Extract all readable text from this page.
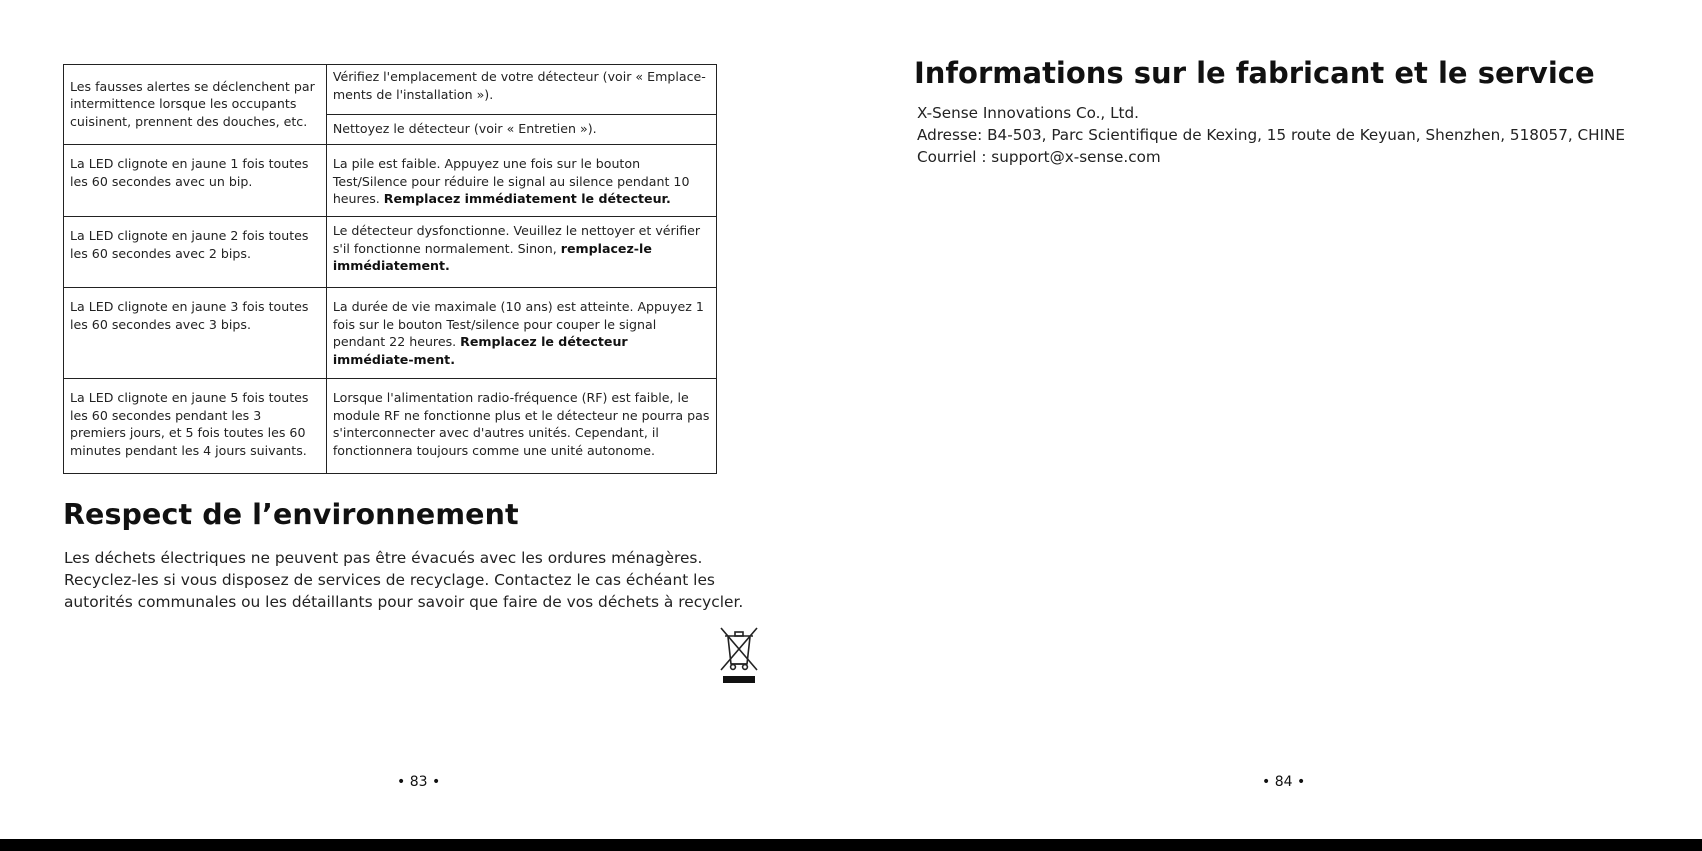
Les fausses alertes se déclenchent par intermittence lorsque les occupants cuisinent, prennent des douches, etc.	Vérifiez l'emplacement de votre détecteur (voir « Emplace-ments de l'installation »).
	Nettoyez le détecteur (voir « Entretien »).
La LED clignote en jaune 1 fois toutes les 60 secondes avec un bip.	La pile est faible. Appuyez une fois sur le bouton Test/Silence pour réduire le signal au silence pendant 10 heures. Remplacez immédiatement le détecteur.
La LED clignote en jaune 2 fois toutes les 60 secondes avec 2 bips.	Le détecteur dysfonctionne. Veuillez le nettoyer et vérifier s'il fonctionne normalement. Sinon, remplacez-le immédiatement.
La LED clignote en jaune 3 fois toutes les 60 secondes avec 3 bips.	La durée de vie maximale (10 ans) est atteinte. Appuyez 1 fois sur le bouton Test/silence pour couper le signal pendant 22 heures. Remplacez le détecteur immédiate-ment.
La LED clignote en jaune 5 fois toutes les 60 secondes pendant les 3 premiers jours, et 5 fois toutes les 60 minutes pendant les 4 jours suivants.	Lorsque l'alimentation radio-fréquence (RF) est faible, le module RF ne fonctionne plus et le détecteur ne pourra pas s'interconnecter avec d'autres unités. Cependant, il fonctionnera toujours comme une unité autonome.
Respect de l’environnement

Les déchets électriques ne peuvent pas être évacués avec les ordures ménagères. Recyclez-les si vous disposez de services de recyclage. Contactez le cas échéant les autorités communales ou les détaillants pour savoir que faire de vos déchets à recycler.

• 83 •
Informations sur le fabricant et le service
X-Sense Innovations Co., Ltd.
Adresse: B4-503, Parc Scientifique de Kexing, 15 route de Keyuan, Shenzhen, 518057, CHINE
Courriel : support@x-sense.com
• 84 •
